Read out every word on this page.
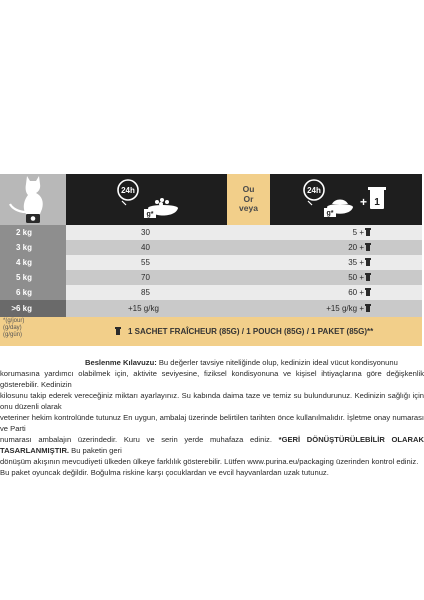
24h
g*
Ou
Or
veya
24h
g*
+ 1
2 kg	30	5 +
3 kg	40	20 +
4 kg	55	35 +
5 kg	70	50 +
6 kg	85	60 +
>6 kg	+15 g/kg	+15 g/kg +
*(g/jour)
(g/day)
(g/gün)	1 SACHET FRAÎCHEUR (85G) / 1 POUCH (85G) / 1 PAKET (85G)**

Beslenme Kılavuzu: Bu değerler tavsiye niteliğinde olup, kedinizin ideal vücut kondisyonunu

korumasına yardımcı olabilmek için, aktivite seviyesine, fiziksel kondisyonuna ve kişisel ihtiyaçlarına göre değişkenlik gösterebilir. Kedinizin

kilosunu takip ederek vereceğiniz miktarı ayarlayınız. Su kabında daima taze ve temiz su bulundurunuz. Kedinizin sağlığı için onu düzenli olarak

veteriner hekim kontrolünde tutunuz En uygun, ambalaj üzerinde belirtilen tarihten önce kullanılmalıdır. İşletme onay numarası ve Parti

numarası ambalajın üzerindedir. Kuru ve serin yerde muhafaza ediniz. *GERİ DÖNÜŞTÜRÜLEBİLİR OLARAK TASARLANMIŞTIR. Bu paketin geri

dönüşüm akışının mevcudiyeti ülkeden ülkeye farklılık gösterebilir. Lütfen www.purina.eu/packaging üzerinden kontrol ediniz.

Bu paket oyuncak değildir. Boğulma riskine karşı çocuklardan ve evcil hayvanlardan uzak tutunuz.
